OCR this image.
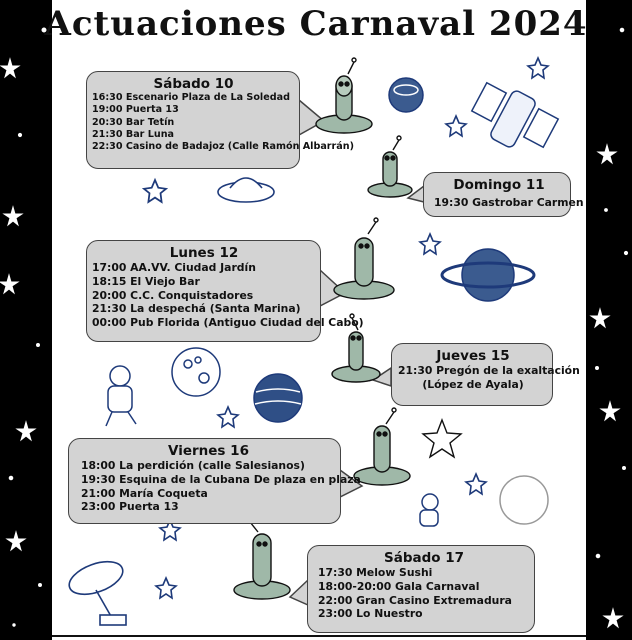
Actuaciones Carnaval 2024
Sábado 10
16:30 Escenario Plaza de La Soledad
19:00 Puerta 13
20:30 Bar Tetín
21:30 Bar Luna
22:30 Casino de Badajoz (Calle Ramón Albarrán)
Domingo 11
19:30 Gastrobar Carmen
Lunes 12
17:00 AA.VV. Ciudad Jardín
18:15 El Viejo Bar
20:00 C.C. Conquistadores
21:30 La despechá (Santa Marina)
00:00 Pub Florida (Antiguo Ciudad del Cabo)
Jueves 15
21:30 Pregón de la exaltación
(López de Ayala)
Viernes 16
18:00 La perdición (calle Salesianos)
19:30 Esquina de la Cubana De plaza en plaza
21:00 María Coqueta
23:00 Puerta 13
Sábado 17
17:30 Melow Sushi
18:00-20:00 Gala Carnaval
22:00 Gran Casino Extremadura
23:00 Lo Nuestro
